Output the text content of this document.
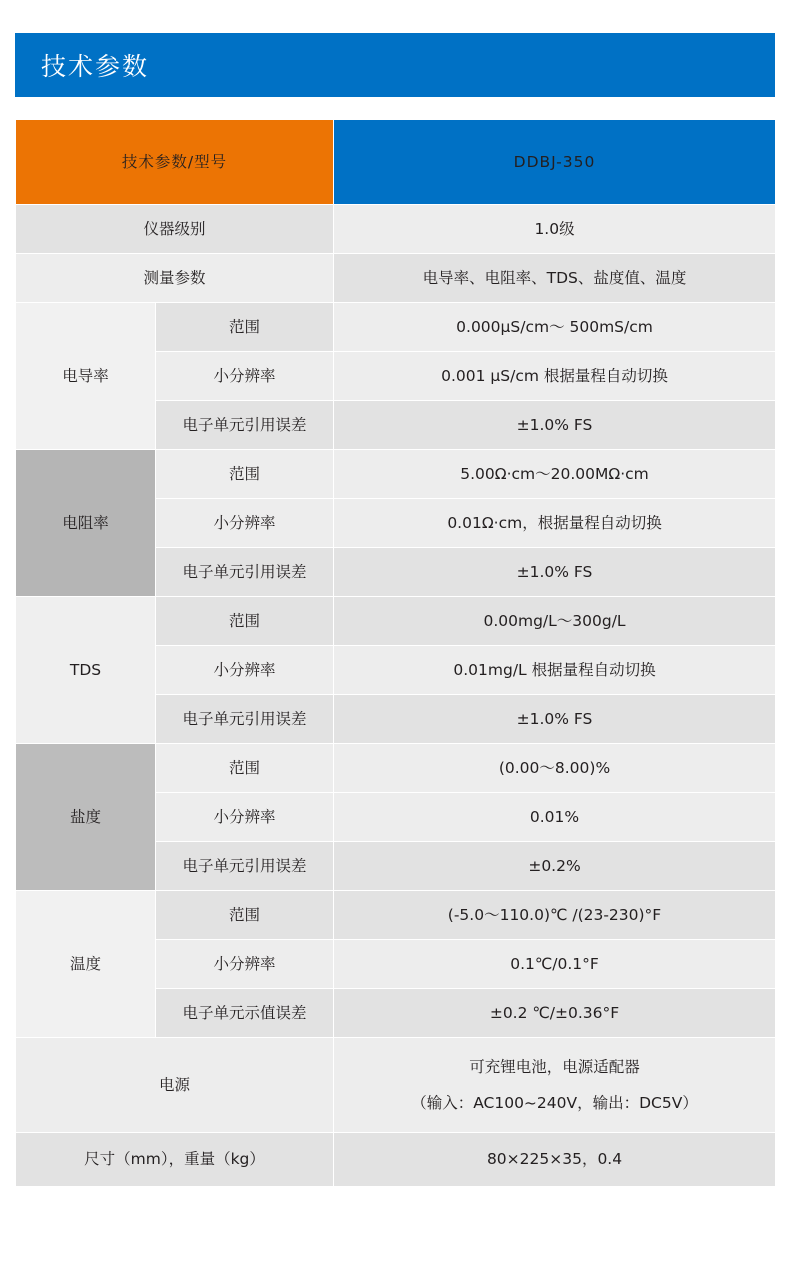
技术参数
技术参数/型号		DDBJ-350
仪器级别		1.0级
测量参数		电导率、电阻率、TDS、盐度值、温度
电导率	范围	0.000µS/cm～ 500mS/cm
	小分辨率	0.001 µS/cm 根据量程自动切换
	电子单元引用误差	±1.0% FS
电阻率	范围	5.00Ω·cm～20.00MΩ·cm
	小分辨率	0.01Ω·cm，根据量程自动切换
	电子单元引用误差	±1.0% FS
TDS	范围	0.00mg/L～300g/L
	小分辨率	0.01mg/L 根据量程自动切换
	电子单元引用误差	±1.0% FS
盐度	范围	(0.00～8.00)%
	小分辨率	0.01%
	电子单元引用误差	±0.2%
温度	范围	(-5.0～110.0)℃ /(23-230)°F
	小分辨率	0.1℃/0.1°F
	电子单元示值误差	±0.2 ℃/±0.36°F
电源		可充锂电池，电源适配器
（输入：AC100~240V，输出：DC5V）

尺寸（mm），重量（kg）		80×225×35，0.4
